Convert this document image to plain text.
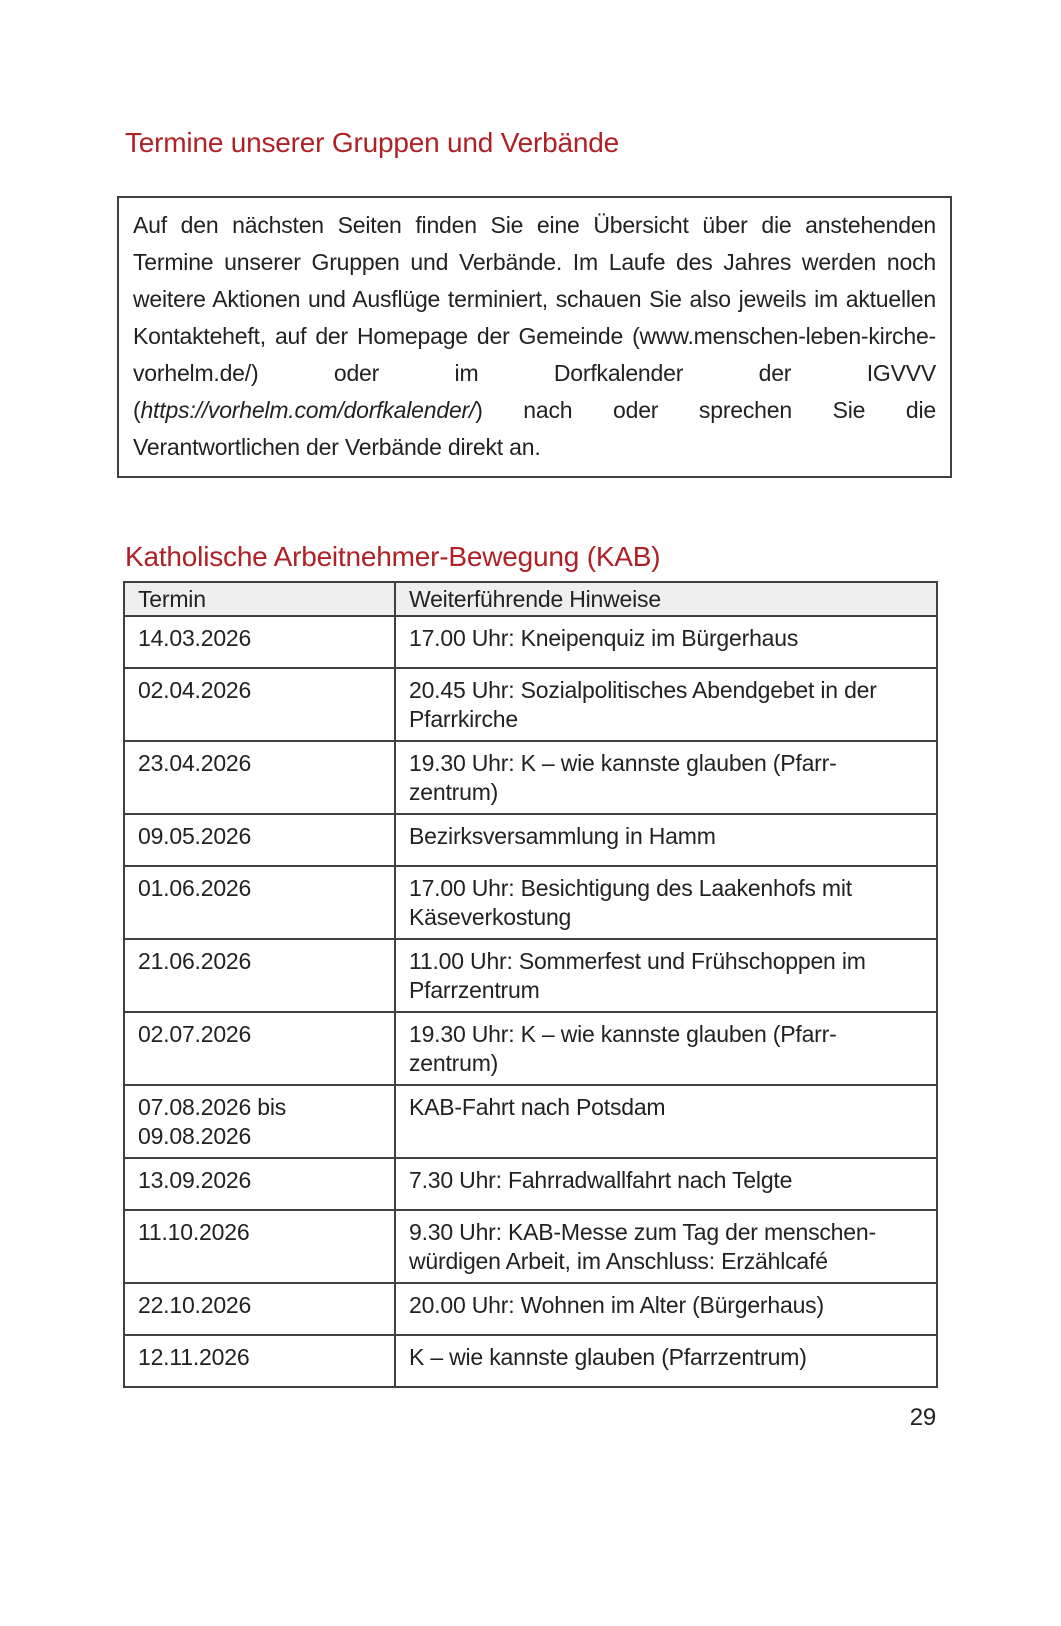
Termine unserer Gruppen und Verbände

Auf den nächsten Seiten finden Sie eine Übersicht über die anstehenden Termine unserer Gruppen und Verbände. Im Laufe des Jahres werden noch weitere Aktionen und Ausflüge terminiert, schauen Sie also jeweils im aktuellen Kontakteheft, auf der Homepage der Gemeinde (www.menschen-leben-kirche-vorhelm.de/) oder im Dorfkalender der IGVVV (https://vorhelm.com/dorfkalender/) nach oder sprechen Sie die Verantwortlichen der Verbände direkt an.

Katholische Arbeitnehmer-Bewegung (KAB)
Termin	Weiterführende Hinweise
14.03.2026	17.00 Uhr: Kneipenquiz im Bürgerhaus
02.04.2026	20.45 Uhr: Sozialpolitisches Abendgebet in der Pfarrkirche
23.04.2026	19.30 Uhr: K – wie kannste glauben (Pfarr-zentrum)
09.05.2026	Bezirksversammlung in Hamm
01.06.2026	17.00 Uhr: Besichtigung des Laakenhofs mit Käseverkostung
21.06.2026	11.00 Uhr: Sommerfest und Frühschoppen im Pfarrzentrum
02.07.2026	19.30 Uhr: K – wie kannste glauben (Pfarr-zentrum)
07.08.2026 bis 09.08.2026	KAB-Fahrt nach Potsdam
13.09.2026	7.30 Uhr: Fahrradwallfahrt nach Telgte
11.10.2026	9.30 Uhr: KAB-Messe zum Tag der menschen-würdigen Arbeit, im Anschluss: Erzählcafé
22.10.2026	20.00 Uhr: Wohnen im Alter (Bürgerhaus)
12.11.2026	K – wie kannste glauben (Pfarrzentrum)
29
